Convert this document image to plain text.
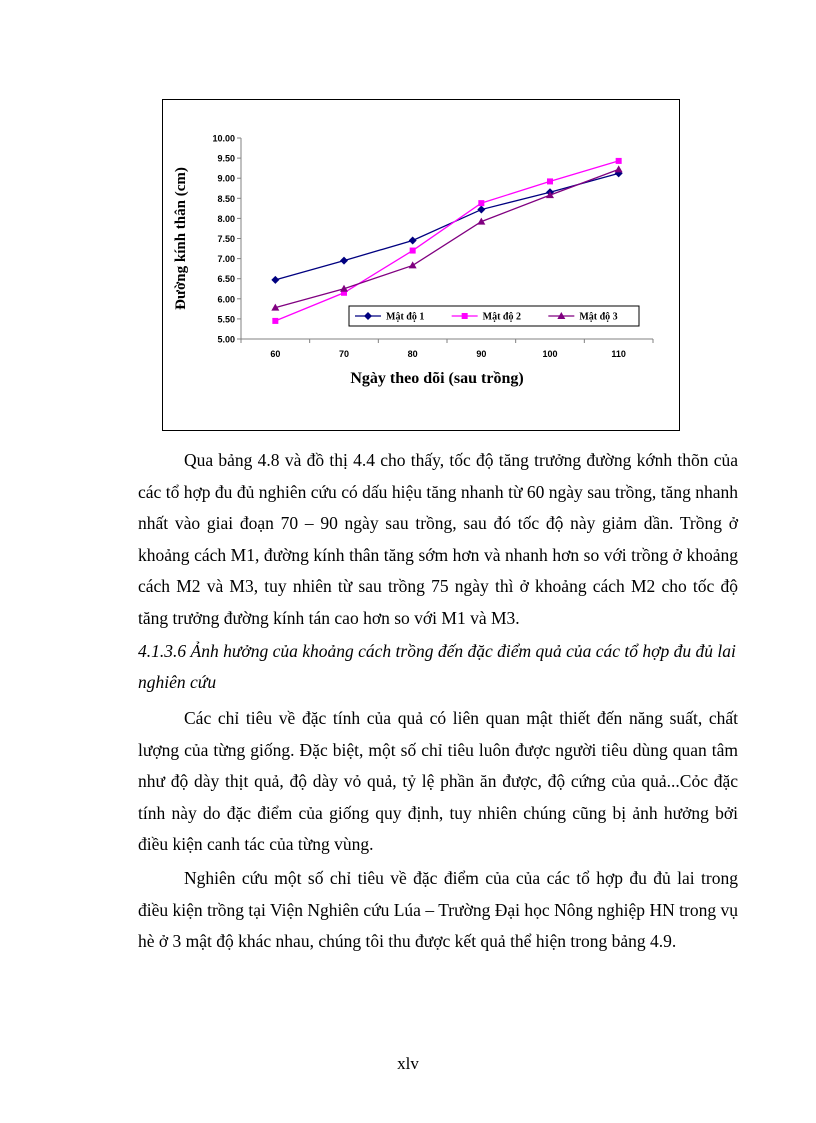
5.00
5.50
6.00
6.50
7.00
7.50
8.00
8.50
9.00
9.50
10.00
60	70	80	90	100	110
Đường kính thân (cm)
Ngày theo dõi (sau trồng)
Mật độ 1	Mật độ 2	Mật độ 3
Qua bảng 4.8 và đồ thị 4.4 cho thấy, tốc độ tăng trưởng đường kớnh thõn của các tổ hợp đu đủ nghiên cứu có dấu hiệu tăng nhanh từ 60 ngày sau trồng, tăng nhanh nhất vào giai đoạn 70 – 90 ngày sau trồng, sau đó tốc độ này giảm dần. Trồng ở khoảng cách M1, đường kính thân tăng sớm hơn và nhanh hơn so với trồng ở khoảng cách M2 và M3, tuy nhiên từ sau trồng 75 ngày thì ở khoảng cách M2 cho tốc độ tăng trưởng đường kính tán cao hơn so với M1 và M3.
4.1.3.6 Ảnh hưởng của khoảng cách trồng đến đặc điểm quả của các tổ hợp đu đủ lai nghiên cứu

Các chỉ tiêu về đặc tính của quả có liên quan mật thiết đến năng suất, chất lượng của từng giống. Đặc biệt, một số chỉ tiêu luôn được người tiêu dùng quan tâm như độ dày thịt quả, độ dày vỏ quả, tỷ lệ phần ăn được, độ cứng của quả...Cỏc đặc tính này do đặc điểm của giống quy định, tuy nhiên chúng cũng bị ảnh hưởng bởi điều kiện canh tác của từng vùng.

Nghiên cứu một số chỉ tiêu về đặc điểm của của các tổ hợp đu đủ lai trong điều kiện trồng tại Viện Nghiên cứu Lúa – Trường Đại học Nông nghiệp HN trong vụ hè ở 3 mật độ khác nhau, chúng tôi thu được kết quả thể hiện trong bảng 4.9.

xlv
